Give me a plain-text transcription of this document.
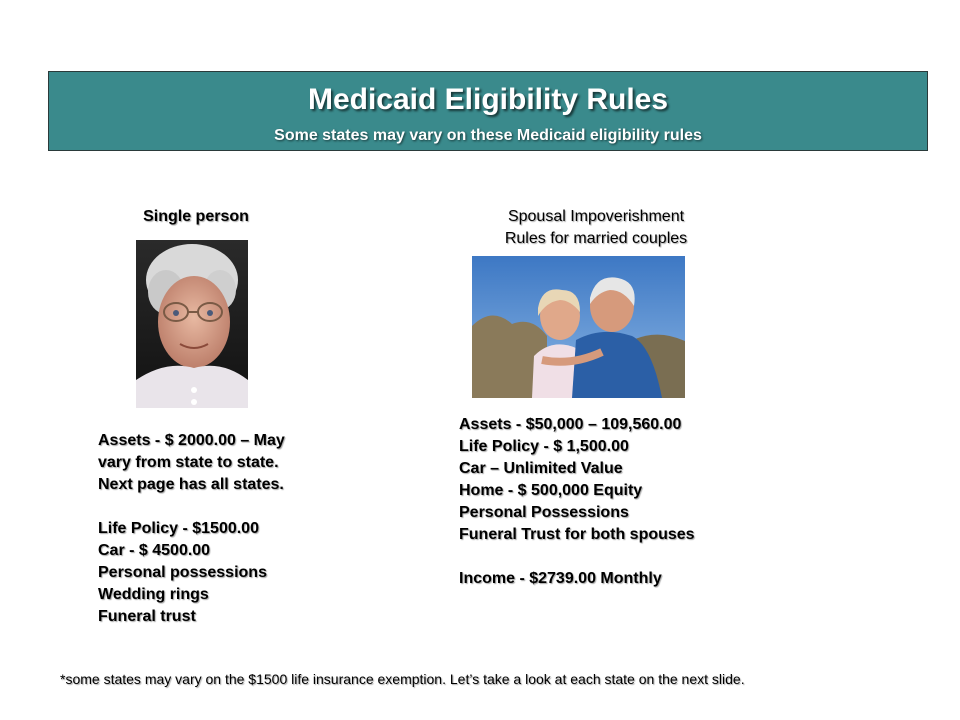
Medicaid Eligibility Rules
Some states may vary on these Medicaid eligibility rules
Single person	Spousal Impoverishment
Rules for married couples
Assets - $ 2000.00 – May vary from state to state. Next page has all states.
Life Policy - $1500.00
Car - $ 4500.00
Personal possessions
Wedding rings
Funeral trust
Assets - $50,000 – 109,560.00
Life Policy - $ 1,500.00
Car – Unlimited Value
Home - $ 500,000 Equity
Personal Possessions
Funeral Trust for both spouses
Income - $2739.00 Monthly
*some states may vary on the $1500 life insurance exemption. Let’s take a look at each state on the next slide.
